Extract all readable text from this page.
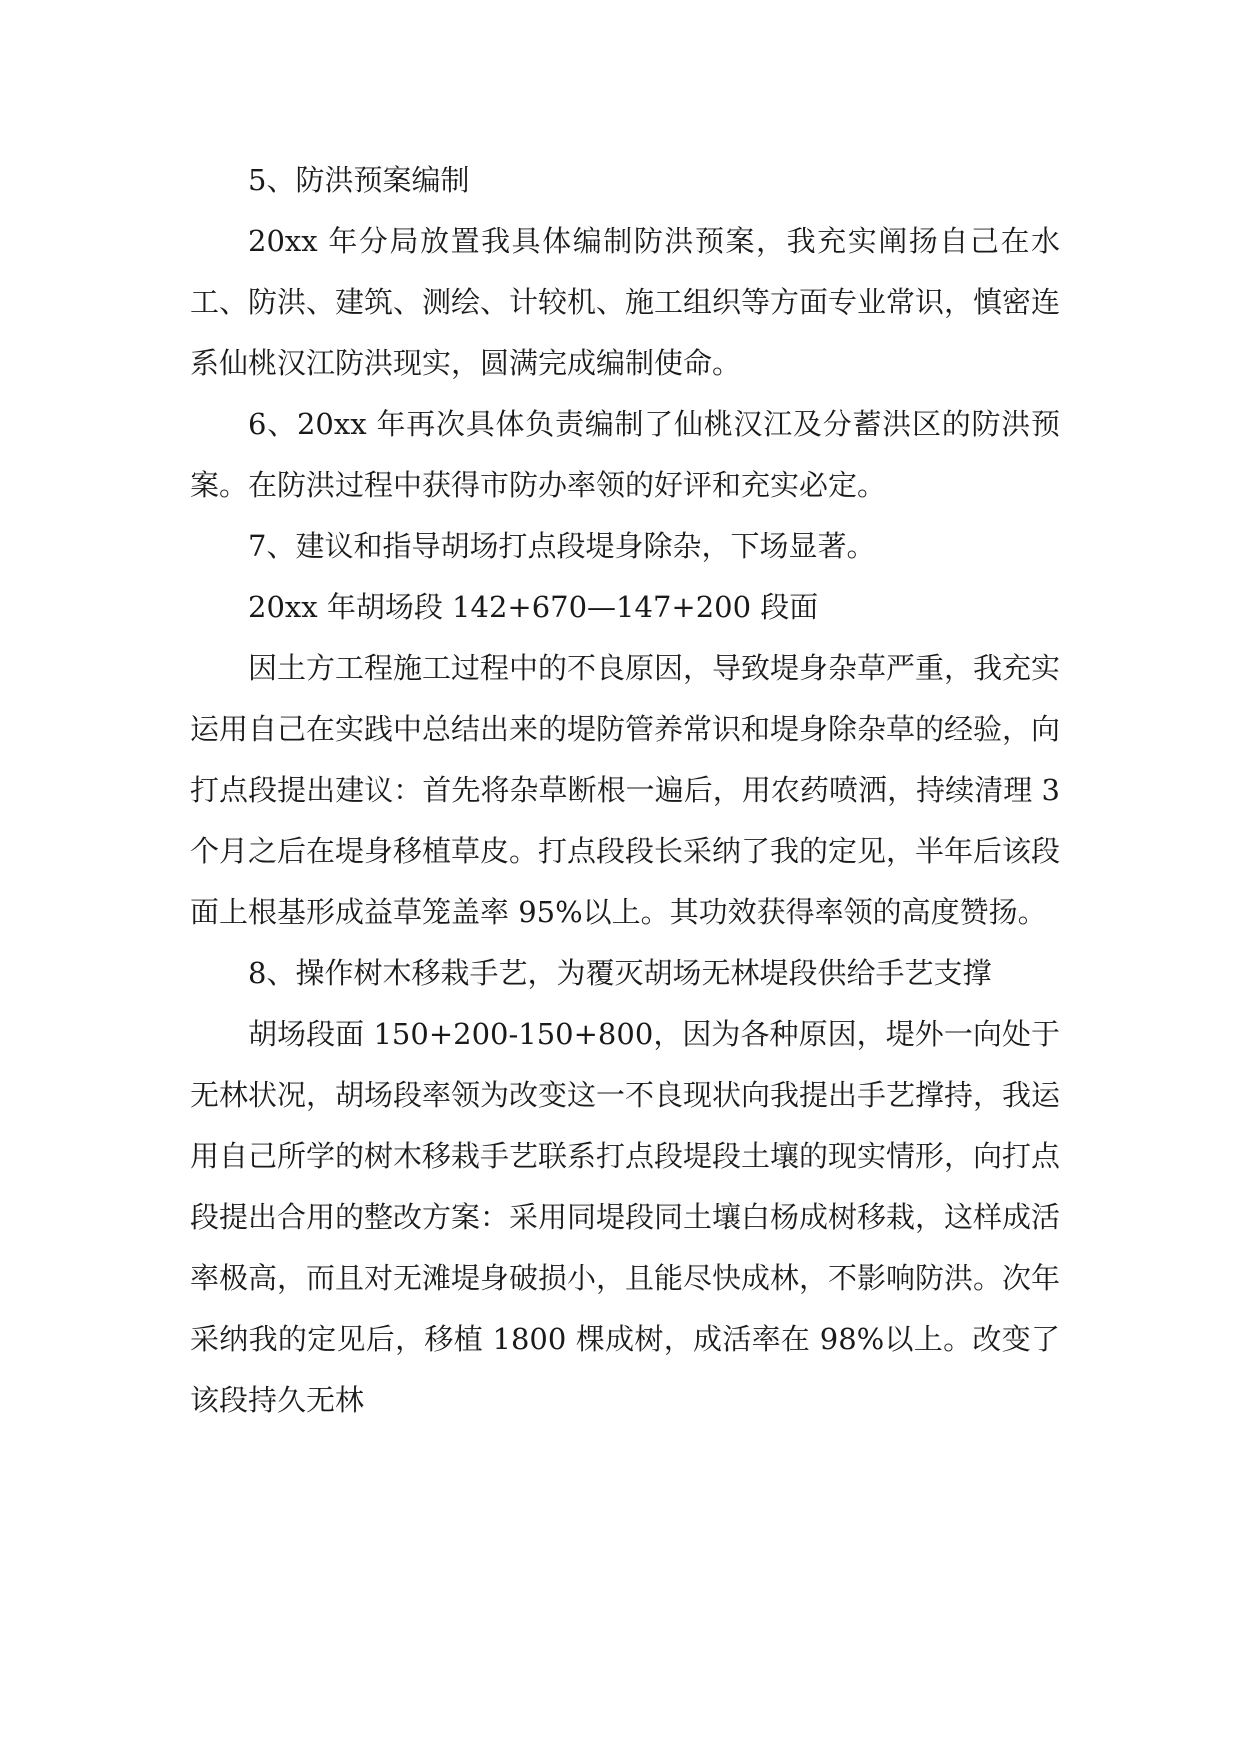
5、防洪预案编制

20xx 年分局放置我具体编制防洪预案，我充实阐扬自己在水工、防洪、建筑、测绘、计较机、施工组织等方面专业常识，慎密连系仙桃汉江防洪现实，圆满完成编制使命。

6、20xx 年再次具体负责编制了仙桃汉江及分蓄洪区的防洪预案。在防洪过程中获得市防办率领的好评和充实必定。

7、建议和指导胡场打点段堤身除杂，下场显著。

20xx 年胡场段 142+670—147+200 段面

因土方工程施工过程中的不良原因，导致堤身杂草严重，我充实运用自己在实践中总结出来的堤防管养常识和堤身除杂草的经验，向打点段提出建议：首先将杂草断根一遍后，用农药喷洒，持续清理 3 个月之后在堤身移植草皮。打点段段长采纳了我的定见，半年后该段面上根基形成益草笼盖率 95%以上。其功效获得率领的高度赞扬。

8、操作树木移栽手艺，为覆灭胡场无林堤段供给手艺支撑

胡场段面 150+200-150+800，因为各种原因，堤外一向处于无林状况，胡场段率领为改变这一不良现状向我提出手艺撑持，我运用自己所学的树木移栽手艺联系打点段堤段土壤的现实情形，向打点段提出合用的整改方案：采用同堤段同土壤白杨成树移栽，这样成活率极高，而且对无滩堤身破损小，且能尽快成林，不影响防洪。次年采纳我的定见后，移植 1800 棵成树，成活率在 98%以上。改变了该段持久无林
